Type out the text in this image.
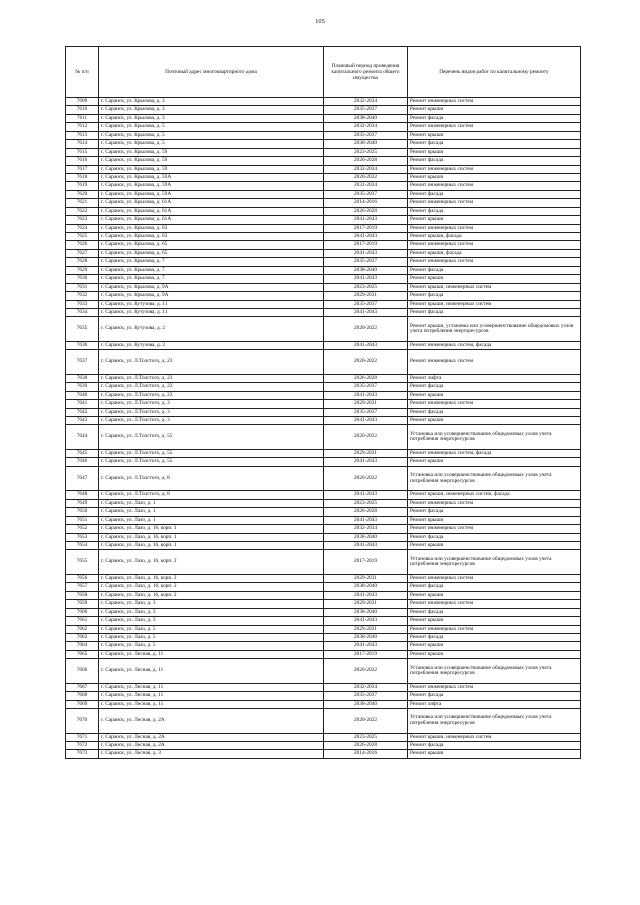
105
№ п/п	Почтовый адрес многоквартирного дома	Плановый период проведения капитального ремонта общего имущества	Перечень видов работ по капитальному ремонту
7609	г. Саранск, ул. Крылова, д. 3	2032-2034	Ремонт инженерных систем
7610	г. Саранск, ул. Крылова, д. 3	2035-2037	Ремонт крыши
7611	г. Саранск, ул. Крылова, д. 3	2038-2040	Ремонт фасада
7612	г. Саранск, ул. Крылова, д. 5	2032-2034	Ремонт инженерных систем
7613	г. Саранск, ул. Крылова, д. 5	2035-2037	Ремонт крыши
7614	г. Саранск, ул. Крылова, д. 5	2038-2040	Ремонт фасада
7615	г. Саранск, ул. Крылова, д. 59	2023-2025	Ремонт крыши
7616	г. Саранск, ул. Крылова, д. 59	2026-2028	Ремонт фасада
7617	г. Саранск, ул. Крылова, д. 59	2032-2034	Ремонт инженерных систем
7618	г. Саранск, ул. Крылова, д. 59А	2020-2022	Ремонт крыши
7619	г. Саранск, ул. Крылова, д. 59А	2032-2034	Ремонт инженерных систем
7620	г. Саранск, ул. Крылова, д. 59А	2035-2037	Ремонт фасада
7621	г. Саранск, ул. Крылова, д. 61А	2014-2016	Ремонт инженерных систем
7622	г. Саранск, ул. Крылова, д. 61А	2026-2028	Ремонт фасада
7623	г. Саранск, ул. Крылова, д. 61А	2041-2043	Ремонт крыши
7624	г. Саранск, ул. Крылова, д. 63	2017-2019	Ремонт инженерных систем
7625	г. Саранск, ул. Крылова, д. 63	2041-2043	Ремонт крыши, фасада
7626	г. Саранск, ул. Крылова, д. 65	2017-2019	Ремонт инженерных систем
7627	г. Саранск, ул. Крылова, д. 65	2041-2043	Ремонт крыши, фасада
7628	г. Саранск, ул. Крылова, д. 7	2035-2037	Ремонт инженерных систем
7629	г. Саранск, ул. Крылова, д. 7	2038-2040	Ремонт фасада
7630	г. Саранск, ул. Крылова, д. 7	2041-2043	Ремонт крыши
7631	г. Саранск, ул. Крылова, д. 9А	2023-2025	Ремонт крыши, инженерных систем
7632	г. Саранск, ул. Крылова, д. 9А	2029-2031	Ремонт фасада
7633	г. Саранск, ул. Кутузова, д. 11	2035-2037	Ремонт крыши, инженерных систем
7634	г. Саранск, ул. Кутузова, д. 11	2041-2043	Ремонт фасада
7635	г. Саранск, ул. Кутузова, д. 2	2020-2022	Ремонт крыши, установка или усовершенствование общедомовых узлов учета потребления энергоресурсов
7636	г. Саранск, ул. Кутузова, д. 2	2041-2043	Ремонт инженерных систем, фасада
7637	г. Саранск, ул. Л.Толстого, д. 23	2020-2022	Ремонт инженерных систем
7638	г. Саранск, ул. Л.Толстого, д. 23	2026-2028	Ремонт лифта
7639	г. Саранск, ул. Л.Толстого, д. 23	2035-2037	Ремонт фасада
7640	г. Саранск, ул. Л.Толстого, д. 23	2041-2043	Ремонт крыши
7641	г. Саранск, ул. Л.Толстого, д. 3	2029-2031	Ремонт инженерных систем
7642	г. Саранск, ул. Л.Толстого, д. 3	2035-2037	Ремонт фасада
7643	г. Саранск, ул. Л.Толстого, д. 3	2041-2043	Ремонт крыши
7644	г. Саранск, ул. Л.Толстого, д. 55	2020-2022	Установка или усовершенствование общедомовых узлов учета потребления энергоресурсов
7645	г. Саранск, ул. Л.Толстого, д. 55	2029-2031	Ремонт инженерных систем, фасада
7646	г. Саранск, ул. Л.Толстого, д. 55	2041-2043	Ремонт крыши
7647	г. Саранск, ул. Л.Толстого, д. 8	2020-2022	Установка или усовершенствование общедомовых узлов учета потребления энергоресурсов
7648	г. Саранск, ул. Л.Толстого, д. 8	2041-2043	Ремонт крыши, инженерных систем, фасада
7649	г. Саранск, ул. Лазо, д. 1	2023-2025	Ремонт инженерных систем
7650	г. Саранск, ул. Лазо, д. 1	2026-2028	Ремонт фасада
7651	г. Саранск, ул. Лазо, д. 1	2041-2043	Ремонт крыши
7652	г. Саранск, ул. Лазо, д. 16, корп. 1	2032-2034	Ремонт инженерных систем
7653	г. Саранск, ул. Лазо, д. 16, корп. 1	2038-2040	Ремонт фасада
7654	г. Саранск, ул. Лазо, д. 16, корп. 1	2041-2043	Ремонт крыши
7655	г. Саранск, ул. Лазо, д. 16, корп. 2	2017-2019	Установка или усовершенствование общедомовых узлов учета потребления энергоресурсов
7656	г. Саранск, ул. Лазо, д. 16, корп. 2	2029-2031	Ремонт инженерных систем
7657	г. Саранск, ул. Лазо, д. 16, корп. 2	2038-2040	Ремонт фасада
7658	г. Саранск, ул. Лазо, д. 16, корп. 2	2041-2043	Ремонт крыши
7659	г. Саранск, ул. Лазо, д. 3	2029-2031	Ремонт инженерных систем
7660	г. Саранск, ул. Лазо, д. 3	2038-2040	Ремонт фасада
7661	г. Саранск, ул. Лазо, д. 3	2041-2043	Ремонт крыши
7662	г. Саранск, ул. Лазо, д. 5	2029-2031	Ремонт инженерных систем
7663	г. Саранск, ул. Лазо, д. 5	2038-2040	Ремонт фасада
7664	г. Саранск, ул. Лазо, д. 5	2041-2043	Ремонт крыши
7665	г. Саранск, ул. Лесная, д. 11	2017-2019	Ремонт крыши
7666	г. Саранск, ул. Лесная, д. 11	2020-2022	Установка или усовершенствование общедомовых узлов учета потребления энергоресурсов
7667	г. Саранск, ул. Лесная, д. 11	2032-2034	Ремонт инженерных систем
7668	г. Саранск, ул. Лесная, д. 11	2035-2037	Ремонт фасада
7669	г. Саранск, ул. Лесная, д. 11	2038-2040	Ремонт лифта
7670	г. Саранск, ул. Лесная, д. 2А	2020-2022	Установка или усовершенствование общедомовых узлов учета потребления энергоресурсов
7671	г. Саранск, ул. Лесная, д. 2А	2023-2025	Ремонт крыши, инженерных систем
7672	г. Саранск, ул. Лесная, д. 2А	2026-2028	Ремонт фасада
7673	г. Саранск, ул. Лесная, д. 3	2014-2016	Ремонт крыши
